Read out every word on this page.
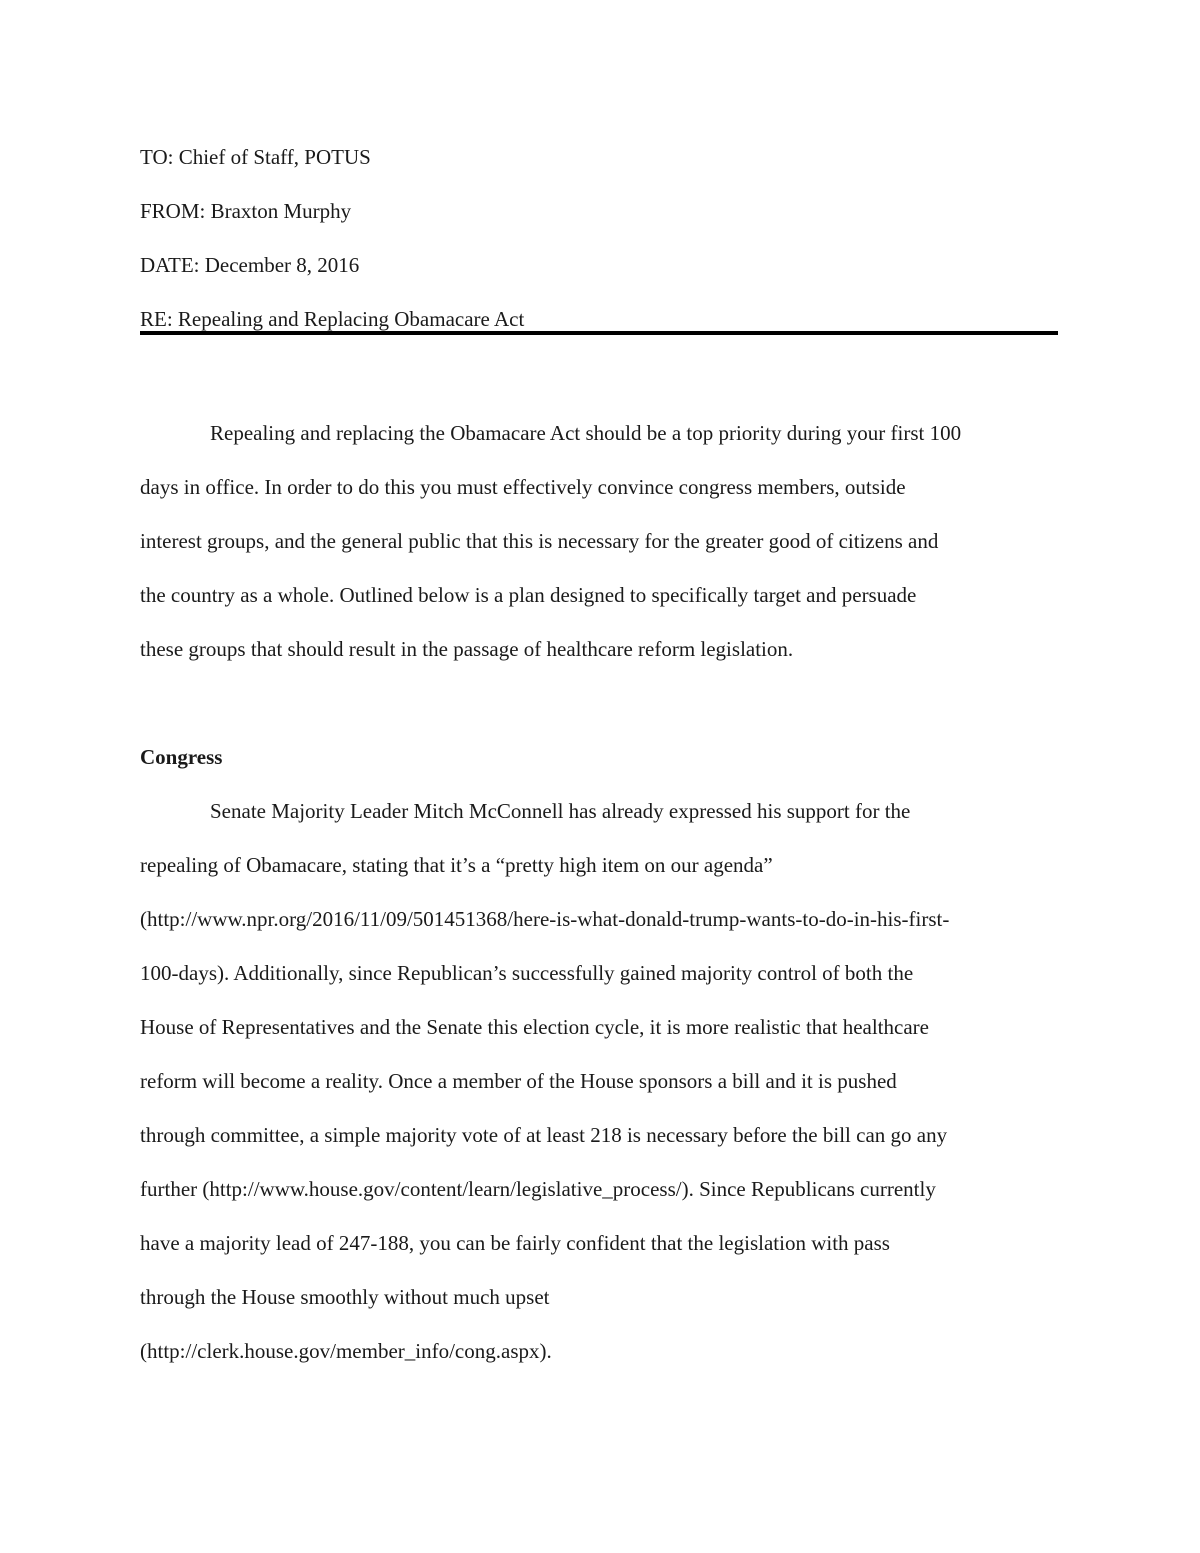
TO: Chief of Staff, POTUS
FROM: Braxton Murphy
DATE: December 8, 2016
RE: Repealing and Replacing Obamacare Act
Repealing and replacing the Obamacare Act should be a top priority during your first 100
days in office. In order to do this you must effectively convince congress members, outside
interest groups, and the general public that this is necessary for the greater good of citizens and
the country as a whole. Outlined below is a plan designed to specifically target and persuade
these groups that should result in the passage of healthcare reform legislation.
Congress
Senate Majority Leader Mitch McConnell has already expressed his support for the
repealing of Obamacare, stating that it’s a “pretty high item on our agenda”
(http://www.npr.org/2016/11/09/501451368/here-is-what-donald-trump-wants-to-do-in-his-first-
100-days). Additionally, since Republican’s successfully gained majority control of both the
House of Representatives and the Senate this election cycle, it is more realistic that healthcare
reform will become a reality. Once a member of the House sponsors a bill and it is pushed
through committee, a simple majority vote of at least 218 is necessary before the bill can go any
further (http://www.house.gov/content/learn/legislative_process/). Since Republicans currently
have a majority lead of 247-188, you can be fairly confident that the legislation with pass
through the House smoothly without much upset
(http://clerk.house.gov/member_info/cong.aspx).
